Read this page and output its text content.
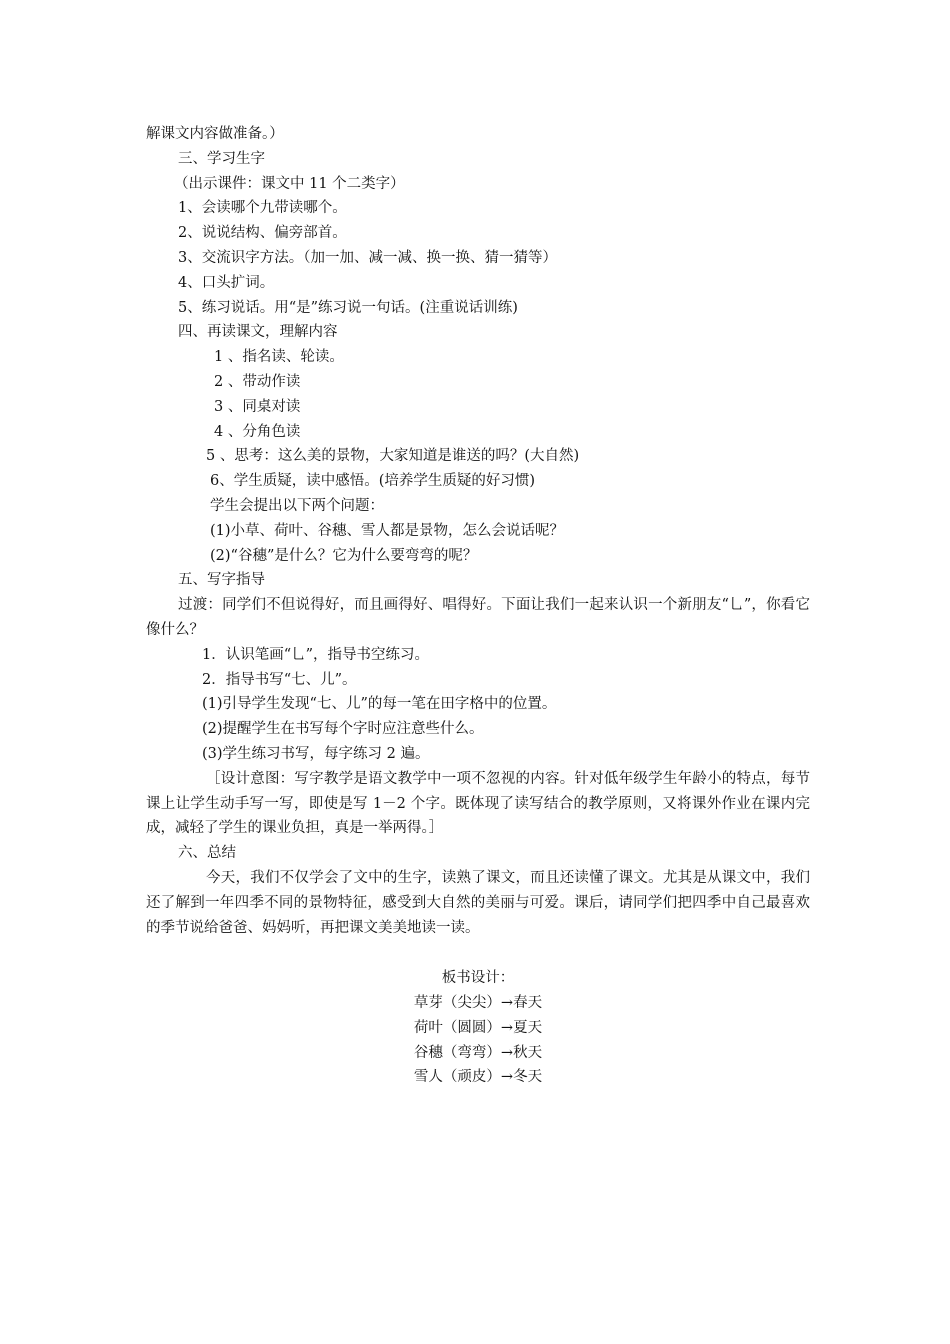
解课文内容做准备。）
三、学习生字
（出示课件：课文中 11 个二类字）
1、会读哪个九带读哪个。
2、说说结构、偏旁部首。
3、交流识字方法。（加一加、减一减、换一换、猜一猜等）
4、口头扩词。
5、练习说话。用“是”练习说一句话。(注重说话训练)
四、再读课文，理解内容
1 、指名读、轮读。
2 、带动作读
3 、同桌对读
4 、分角色读
5 、思考：这么美的景物，大家知道是谁送的吗？(大自然)
6、学生质疑，读中感悟。(培养学生质疑的好习惯)
学生会提出以下两个问题：
(1)小草、荷叶、谷穗、雪人都是景物，怎么会说话呢？
(2)“谷穗”是什么？它为什么要弯弯的呢？
五、写字指导
过渡：同学们不但说得好，而且画得好、唱得好。下面让我们一起来认识一个新朋友“乚”，你看它像什么？
1．认识笔画“乚”，指导书空练习。
2．指导书写“七、儿”。
(1)引导学生发现“七、儿”的每一笔在田字格中的位置。
(2)提醒学生在书写每个字时应注意些什么。
(3)学生练习书写，每字练习 2 遍。
［设计意图：写字教学是语文教学中一项不忽视的内容。针对低年级学生年龄小的特点，每节课上让学生动手写一写，即使是写 1－2 个字。既体现了读写结合的教学原则，又将课外作业在课内完成，减轻了学生的课业负担，真是一举两得。］
六、总结
今天，我们不仅学会了文中的生字，读熟了课文，而且还读懂了课文。尤其是从课文中，我们还了解到一年四季不同的景物特征，感受到大自然的美丽与可爱。课后，请同学们把四季中自己最喜欢的季节说给爸爸、妈妈听，再把课文美美地读一读。
板书设计：
草芽（尖尖）→春天
荷叶（圆圆）→夏天
谷穗（弯弯）→秋天
雪人（顽皮）→冬天
